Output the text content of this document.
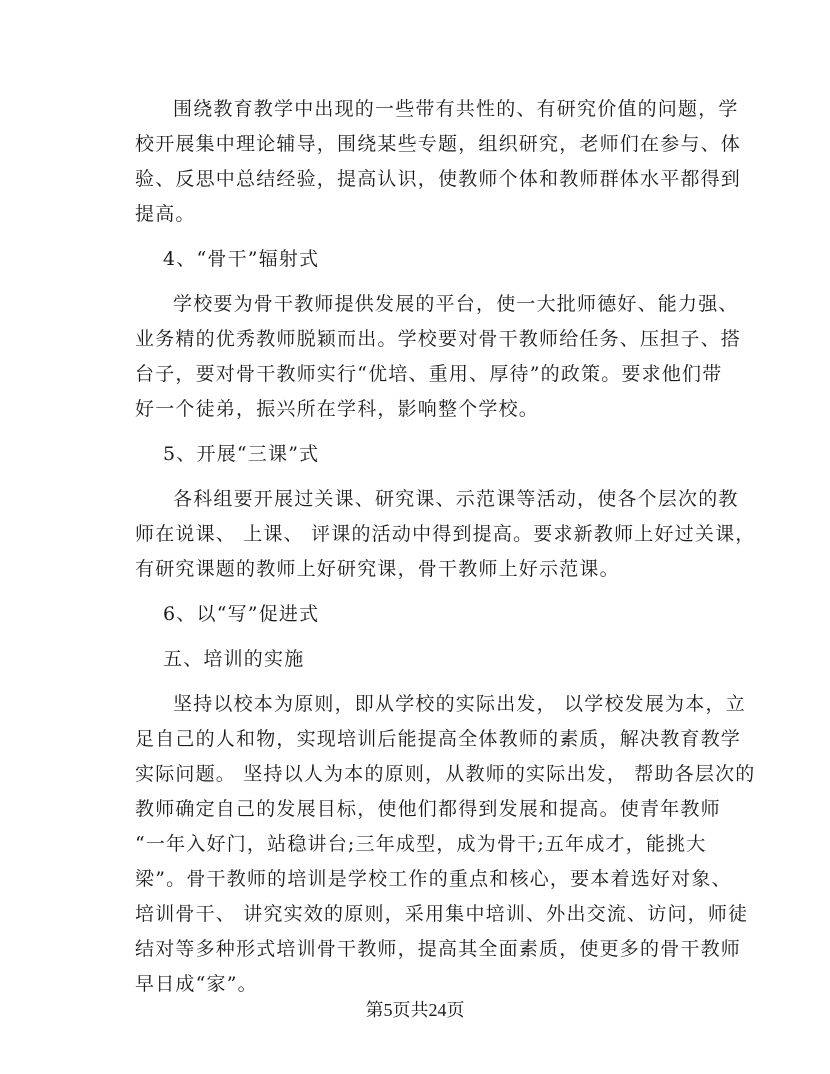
围绕教育教学中出现的一些带有共性的、有研究价值的问题，学
校开展集中理论辅导，围绕某些专题，组织研究，老师们在参与、体
验、反思中总结经验，提高认识，使教师个体和教师群体水平都得到
提高。
4、“骨干”辐射式
学校要为骨干教师提供发展的平台，使一大批师德好、能力强、
业务精的优秀教师脱颖而出。学校要对骨干教师给任务、压担子、搭
台子，要对骨干教师实行“优培、重用、厚待”的政策。要求他们带
好一个徒弟，振兴所在学科，影响整个学校。
5、开展“三课”式
各科组要开展过关课、研究课、示范课等活动，使各个层次的教
师在说课、 上课、 评课的活动中得到提高。要求新教师上好过关课，
有研究课题的教师上好研究课，骨干教师上好示范课。
6、以“写”促进式
五、培训的实施
坚持以校本为原则，即从学校的实际出发， 以学校发展为本，立
足自己的人和物，实现培训后能提高全体教师的素质，解决教育教学
实际问题。 坚持以人为本的原则，从教师的实际出发， 帮助各层次的
教师确定自己的发展目标，使他们都得到发展和提高。使青年教师
“一年入好门，站稳讲台;三年成型，成为骨干;五年成才，能挑大
梁”。骨干教师的培训是学校工作的重点和核心，要本着选好对象、
培训骨干、 讲究实效的原则，采用集中培训、外出交流、访问，师徒
结对等多种形式培训骨干教师，提高其全面素质，使更多的骨干教师
早日成“家”。
第5页共24页
